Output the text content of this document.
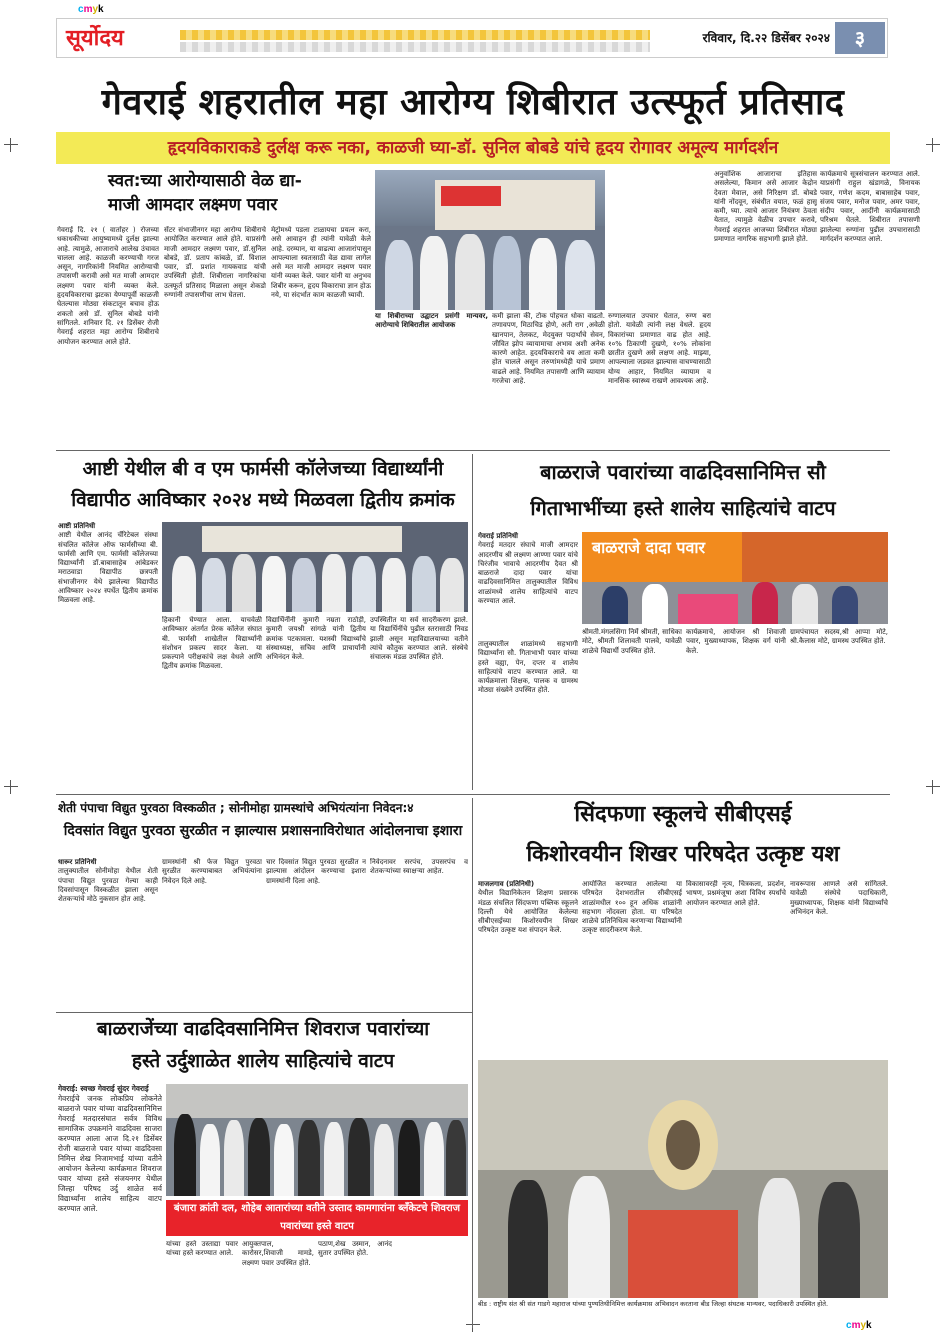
cmyk
cmyk
सूर्योदय	रविवार, दि.२२ डिसेंबर २०२४	३
गेवराई शहरातील महा आरोग्य शिबीरात उत्स्फूर्त प्रतिसाद
हृदयविकाराकडे दुर्लक्ष करू नका, काळजी घ्या-डॉ. सुनिल बोबडे यांचे हृदय रोगावर अमूल्य मार्गदर्शन
स्वत:च्या आरोग्यासाठी वेळ द्या-
माजी आमदार लक्ष्मण पवार
गेवराई दि. २१ ( वार्ताहर ) रोजच्या धकाधकीच्या आयुष्यामध्ये दुर्लक्ष झाल्या आहे. त्यामुळे, आजाराचे आलेख उंचावत चालला आहे. काळजी करण्याची गरज असून, नागरिकांनी नियमित आरोग्याची तपासणी करावी असे मत माजी आमदार लक्ष्मण पवार यांनी व्यक्त केले. हृदयविकाराचा झटका येण्यापूर्वी काळजी घेतल्यास मोठ्या संकटातून बचाव होऊ शकतो असे डॉ. सुनिल बोबडे यांनी सांगितले. शनिवार दि. २१ डिसेंबर रोजी गेवराई शहरात महा आरोग्य शिबीराचे आयोजन करण्यात आले होते.
सेंटर संभाजीनगर महा आरोग्य शिबीराचे आयोजित करण्यात आले होते. याप्रसंगी माजी आमदार लक्ष्मण पवार, डॉ.सुनिल बोबडे, डॉ. प्रताप कांबळे, डॉ. विशाल पवार, डॉ. प्रशांत गायकवाड यांची उपस्थिती होती. शिबीराला नागरिकांचा उत्स्फूर्त प्रतिसाद मिळाला असून शेकडो रुग्णांनी तपासणीचा लाभ घेतला.
मेट्रोमध्ये पडला टाळायचा प्रयत्न करा, असे आवाहन ही त्यांनी यावेळी केले आहे. दरम्यान, या वाढत्या आजारांपासून आपल्याला स्वतःसाठी वेळ द्यावा लागेल असे मत माजी आमदार लक्ष्मण पवार यांनी व्यक्त केले. पवार यांनी या अनुभव शिबीर करून, हृदय विकाराचा ज्ञान होऊ नये, या संदर्भात काम काळजी घ्यावी.
या शिबीराच्या उद्घाटन प्रसंगी मान्यवर, आरोग्याचे शिबिरातील आयोजक
कमी झाला की, टोक पोहचत धोका वाढतो. तणावपण, मिठाचिड होणे, अती राग ,अवेळी खानपान, तेलकट, मेदयुक्त पदार्थांचे सेवन, जीवित झोप व्यायामाचा अभाव अशी अनेक कारणे आहेत. हृदयविकाराचे वय आता कमी होत चालले असून तरुणांमध्येही याचे प्रमाण वाढले आहे. नियमित तपासणी आणि व्यायाम गरजेचा आहे.
रुग्णालयात उपचार घेतात, रुग्ण बरा होतो. यावेळी त्यांनी लक्ष वेधले. हृदय विकारांच्या प्रमाणात वाढ होत आहे. १०% ठिकाणी दुखणे, १०% लोकांना छातीत दुखणे असे लक्षण आहे. माझ्या, आपल्याला जडवत झाल्यास वाचण्यासाठी योग्य आहार, नियमित व्यायाम व मानसिक स्वास्थ्य राखणे आवश्यक आहे.
अनुवांशिक आजाराचा इतिहास असलेल्या, किमान असे आजार केद्रोन देवता मेवाल, असे निरिक्षण डॉ. बोबडे यांनी नोंदवून, संबंधीत वयात, फळं हासू कमी, घ्या. त्याचे आजार नियंत्रण ठेवता येतात, त्यामुळे वेळीच उपचार करावे, गेवराई शहरात आजच्या शिबीरात मोठ्या प्रमाणात नागरिक सहभागी झाले होते.
कार्यक्रमाचे सूत्रसंचालन करण्यात आले. याप्रसंगी राहुल खंडागळे, विनायक पवार, गणेश कदम, बाबासाहेब पवार, संजय पवार, मनोज पवार, अमर पवार, संदीप पवार, आदींनी कार्यक्रमासाठी परिश्रम घेतले. शिबीरात तपासणी झालेल्या रुग्णांना पुढील उपचारासाठी मार्गदर्शन करण्यात आले.
आष्टी येथील बी व एम फार्मसी कॉलेजच्या विद्यार्थ्यांनी विद्यापीठ आविष्कार २०२४ मध्ये मिळवला द्वितीय क्रमांक
आष्टी प्रतिनिधी
आष्टी येथील आनंद चॅरिटेबल संस्था संचलित कॉलेज ऑफ फार्मसीच्या बी. फार्मसी आणि एम. फार्मसी कॉलेजच्या विद्यार्थ्यांनी डॉ.बाबासाहेब आंबेडकर मराठवाडा विद्यापीठ छत्रपती संभाजीनगर येथे झालेल्या विद्यापीठ आविष्कार २०२४ स्पर्धेत द्वितीय क्रमांक मिळवला आहे.
हिकानी घेण्यात आला. याचवेळी आविष्कार अंतर्गत प्रेरक कॉलेज संघात बी. फार्मसी शाखेतील विद्यार्थ्यांनी संशोधन प्रकल्प सादर केला. या प्रकल्पाने परीक्षकांचे लक्ष वेधले आणि द्वितीय क्रमांक मिळवला.
विद्यार्थिनींनी कुमारी नम्रता राठोड़ी, कुमारी जयश्री सांगळे यांनी द्वितीय क्रमांक पटकावला. यशस्वी विद्यार्थ्यांचे संस्थाध्यक्ष, सचिव आणि प्राचार्यांनी अभिनंदन केले.
उपस्थितीत या सर्व सादरीकरण झाले. या विद्यार्थिनींचे पुढील स्तरासाठी निवड झाली असून महाविद्यालयाच्या वतीने त्यांचे कौतुक करण्यात आले. संस्थेचे संचालक मंडळ उपस्थित होते.
बाळराजे पवारांच्या वाढदिवसानिमित्त सौ
गिताभाभींच्या हस्ते शालेय साहित्यांचे वाटप
गेवराई प्रतिनिधी
गेवराई मतदार संघाचे माजी आमदार आदरणीय श्री लक्ष्मण आण्णा पवार यांचे चिरंजीव भावाचे आदरणीय दैवत श्री बाळराजे दादा पवार यांचा वाढदिवसानिमित्त तालुक्यातील विविध शाळांमध्ये शालेय साहित्यांचे वाटप करण्यात आले.
बाळराजे दादा पवार
श्रीमती.मंगलसिंगा निर्मे श्रीमती, साधिका मोटे, श्रीमती शिलावती पालवे, यावेळी शाळेचे विद्यार्थी उपस्थित होते.
कार्यक्रमाचे, आयोजन श्री शिवाजी पवार, मुख्याध्यापक, शिक्षक वर्ग यांनी केले.
ग्रामपंचायत सदस्य,श्री आप्पा मोटे, श्री.कैलास मोटे, ग्रामस्थ उपस्थित होते.
तालुक्यातील शाळांमध्ये सहभागी विद्यार्थ्यांना सौ. गिताभाभी पवार यांच्या हस्ते वह्या, पेन, दप्तर व शालेय साहित्यांचे वाटप करण्यात आले. या कार्यक्रमाला शिक्षक, पालक व ग्रामस्थ मोठ्या संख्येने उपस्थित होते.
शेती पंपाचा विद्युत पुरवठा विस्कळीत ; सोनीमोहा ग्रामस्थांचे अभियंत्यांना निवेदन:४
दिवसांत विद्युत पुरवठा सुरळीत न झाल्यास प्रशासनाविरोधात आंदोलनाचा इशारा
धारूर प्रतिनिधी
तालुक्यातील सोनीमोहा येथील शेती पंपाचा विद्युत पुरवठा गेल्या काही दिवसांपासून विस्कळीत झाला असून शेतकऱ्यांचे मोठे नुकसान होत आहे.
ग्रामस्थांनी श्री फेज विद्युत पुरवठा सुरळीत करण्याबाबत अभियंत्यांना निवेदन दिले आहे.
चार दिवसांत विद्युत पुरवठा सुरळीत न झाल्यास आंदोलन करण्याचा इशारा ग्रामस्थांनी दिला आहे.
निवेदनावर सरपंच, उपसरपंच व शेतकऱ्यांच्या स्वाक्षऱ्या आहेत.
सिंदफणा स्कूलचे सीबीएसई
किशोरवयीन शिखर परिषदेत उत्कृष्ट यश
माजलगाव (प्रतिनिधी)
येथील विद्यानिकेतन शिक्षण प्रसारक मंडळ संचलित सिंदफणा पब्लिक स्कूलने दिल्ली येथे आयोजित केलेल्या सीबीएसईच्या किशोरवयीन शिखर परिषदेत उत्कृष्ट यश संपादन केले.
आयोजित करण्यात आलेल्या या परिषदेत देशभरातील सीबीएसई शाळांमधील १०० हून अधिक शाळांनी सहभाग नोंदवला होता. या परिषदेत शाळेचे प्रतिनिधित्व करणाऱ्या विद्यार्थ्यांनी उत्कृष्ट सादरीकरण केले.
विकासावरही नृत्य, चित्रकला, प्रदर्शन, भाषण, प्रश्नमंजूषा अशा विविध स्पर्धांचे आयोजन करण्यात आले होते.
नावरूपास आणले असे सांगितले. यावेळी संस्थेचे पदाधिकारी, मुख्याध्यापक, शिक्षक यांनी विद्यार्थ्यांचे अभिनंदन केले.
बीड : राष्ट्रीय संत श्री संत गाडगे महाराज यांच्या पुण्यतिथीनिमित्त कार्यक्रमास अभिवादन करताना बीड जिल्हा संघटक मान्यवर, पदाधिकारी उपस्थित होते.
बाळराजेंच्या वाढदिवसानिमित्त शिवराज पवारांच्या
हस्ते उर्दुशाळेत शालेय साहित्यांचे वाटप
गेवराई: स्वच्छ गेवराई सुंदर गेवराई
गेवराईचे जनक लोकप्रिय लोकनेते बाळराजे पवार यांच्या वाढदिवसानिमित्त गेवराई मतदारसंघात सर्वत्र विविध सामाजिक उपक्रमांने वाढदिवस साजरा करण्यात आला आज दि.२१ डिसेंबर रोजी बाळराजे पवार यांच्या वाढदिवसा निमित्त शेख निजामभाई यांच्या वतीने आयोजन केलेल्या कार्यक्रमात शिवराज पवार यांच्या हस्ते संजयनगर येथील जिल्हा परिषद उर्दु शाळेत सर्व विद्यार्थ्यांना शालेय साहित्य वाटप करण्यात आले.	बंजारा क्रांती दल, शोहेब आतारांच्या वतीने उस्ताद कामगारांना ब्लँकेटचे शिवराज पवारांच्या हस्ते वाटप
यांच्या हस्ते उस्ताद्या पवार यांच्या हस्ते करण्यात आले.
आयुक्तपाल, कारोसर,शिवाजी मामडे, लक्ष्मण पवार उपस्थित होते.
पठाण,शेख उस्मान, आनंद सुतार उपस्थित होते.
